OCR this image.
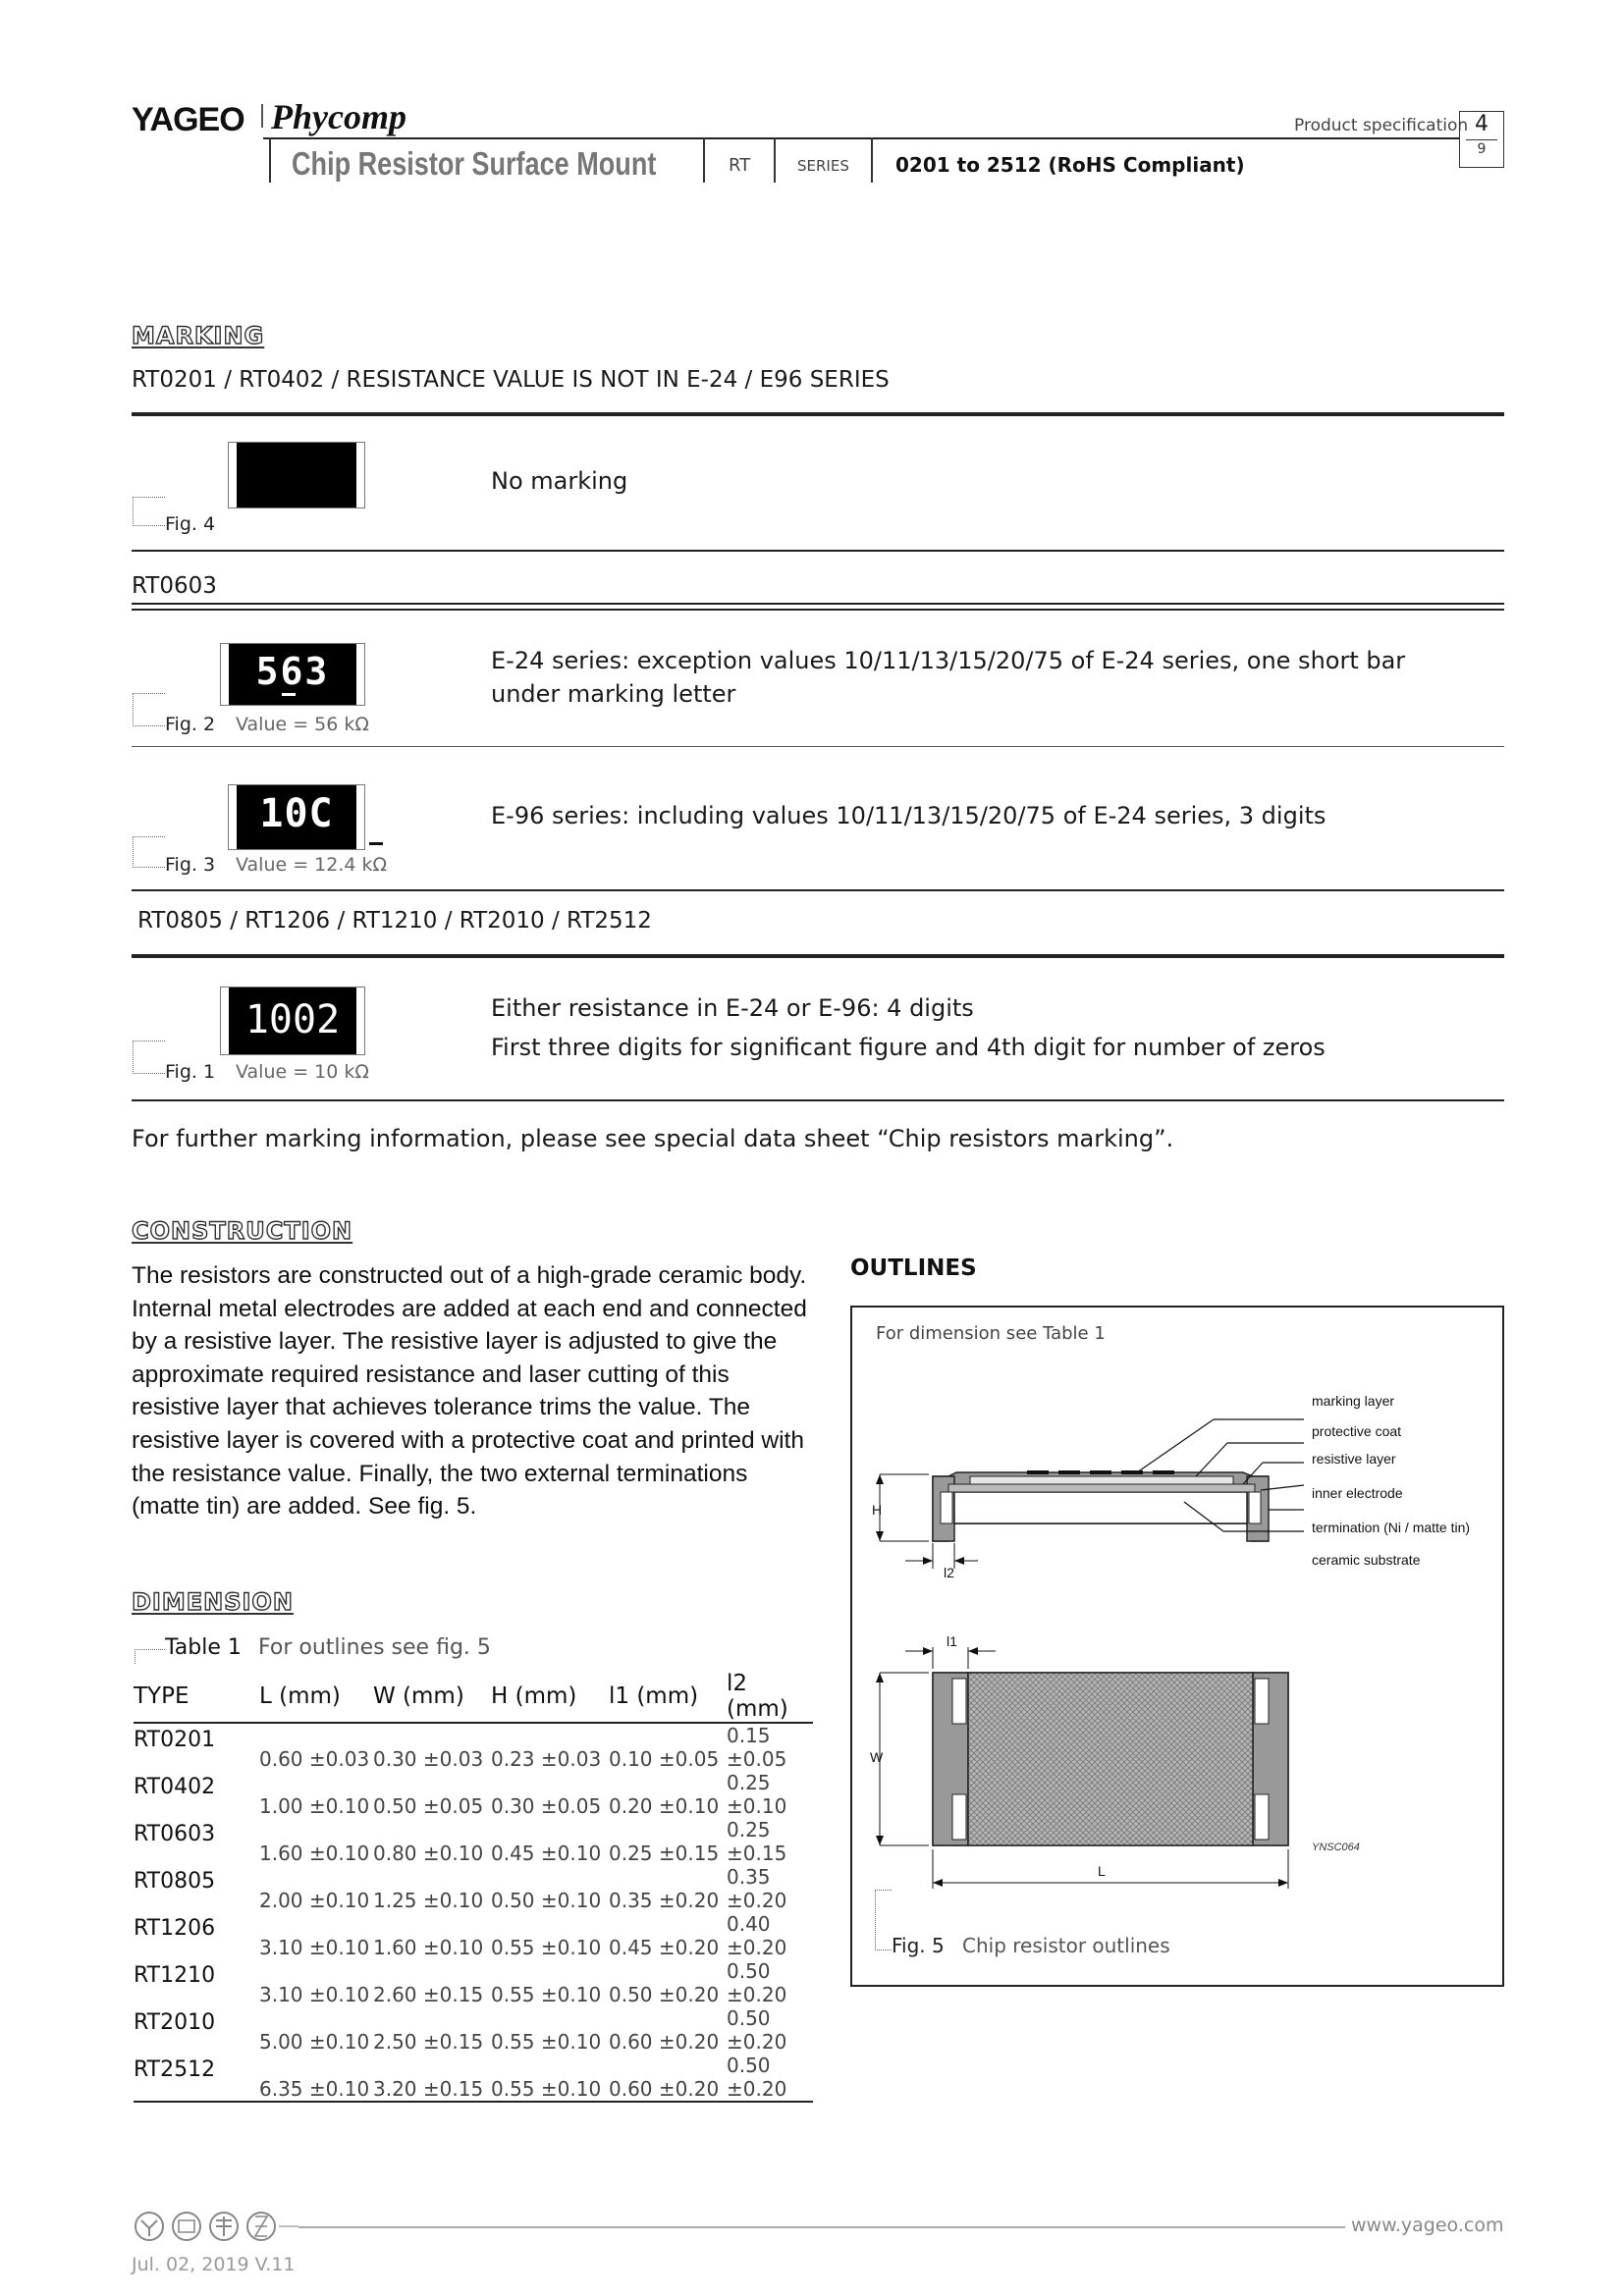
YAGEO Phycomp	Product specification 4
9
Chip Resistor Surface Mount	RT	SERIES 0201 to 2512 (RoHS Compliant)
MARKING
RT0201 / RT0402 / RESISTANCE VALUE IS NOT IN E-24 / E96 SERIES
Fig. 4
No marking
RT0603
Fig. 2 Value = 56 kΩ
563	E-24 series: exception values 10/11/13/15/20/75 of E-24 series, one short bar under marking letter
Fig. 3 Value = 12.4 kΩ
10C	E-96 series: including values 10/11/13/15/20/75 of E-24 series, 3 digits
RT0805 / RT1206 / RT1210 / RT2010 / RT2512
Fig. 1 Value = 10 kΩ
1002	Either resistance in E-24 or E-96: 4 digits
First three digits for significant figure and 4th digit for number of zeros
For further marking information, please see special data sheet “Chip resistors marking”.
CONSTRUCTION
The resistors are constructed out of a high-grade ceramic body. Internal metal electrodes are added at each end and connected by a resistive layer. The resistive layer is adjusted to give the approximate required resistance and laser cutting of this resistive layer that achieves tolerance trims the value. The resistive layer is covered with a protective coat and printed with the resistance value. Finally, the two external terminations (matte tin) are added. See fig. 5.
DIMENSION
Table 1 For outlines see fig. 5
TYPE	L (mm)	W (mm)	H (mm)	l1 (mm)	l2 (mm)
RT0201	0.60 ±0.03	0.30 ±0.03	0.23 ±0.03	0.10 ±0.05	0.15 ±0.05
RT0402	1.00 ±0.10	0.50 ±0.05	0.30 ±0.05	0.20 ±0.10	0.25 ±0.10
RT0603	1.60 ±0.10	0.80 ±0.10	0.45 ±0.10	0.25 ±0.15	0.25 ±0.15
RT0805	2.00 ±0.10	1.25 ±0.10	0.50 ±0.10	0.35 ±0.20	0.35 ±0.20
RT1206	3.10 ±0.10	1.60 ±0.10	0.55 ±0.10	0.45 ±0.20	0.40 ±0.20
RT1210	3.10 ±0.10	2.60 ±0.15	0.55 ±0.10	0.50 ±0.20	0.50 ±0.20
RT2010	5.00 ±0.10	2.50 ±0.15	0.55 ±0.10	0.60 ±0.20	0.50 ±0.20
RT2512	6.35 ±0.10	3.20 ±0.15	0.55 ±0.10	0.60 ±0.20	0.50 ±0.20
OUTLINES
For dimension see Table 1
marking layer
protective coat
resistive layer
inner electrode
termination (Ni / matte tin)
ceramic substrate
H
l2
l1
W
L
YNSC064
Fig. 5 Chip resistor outlines
www.yageo.com
Jul. 02, 2019 V.11
